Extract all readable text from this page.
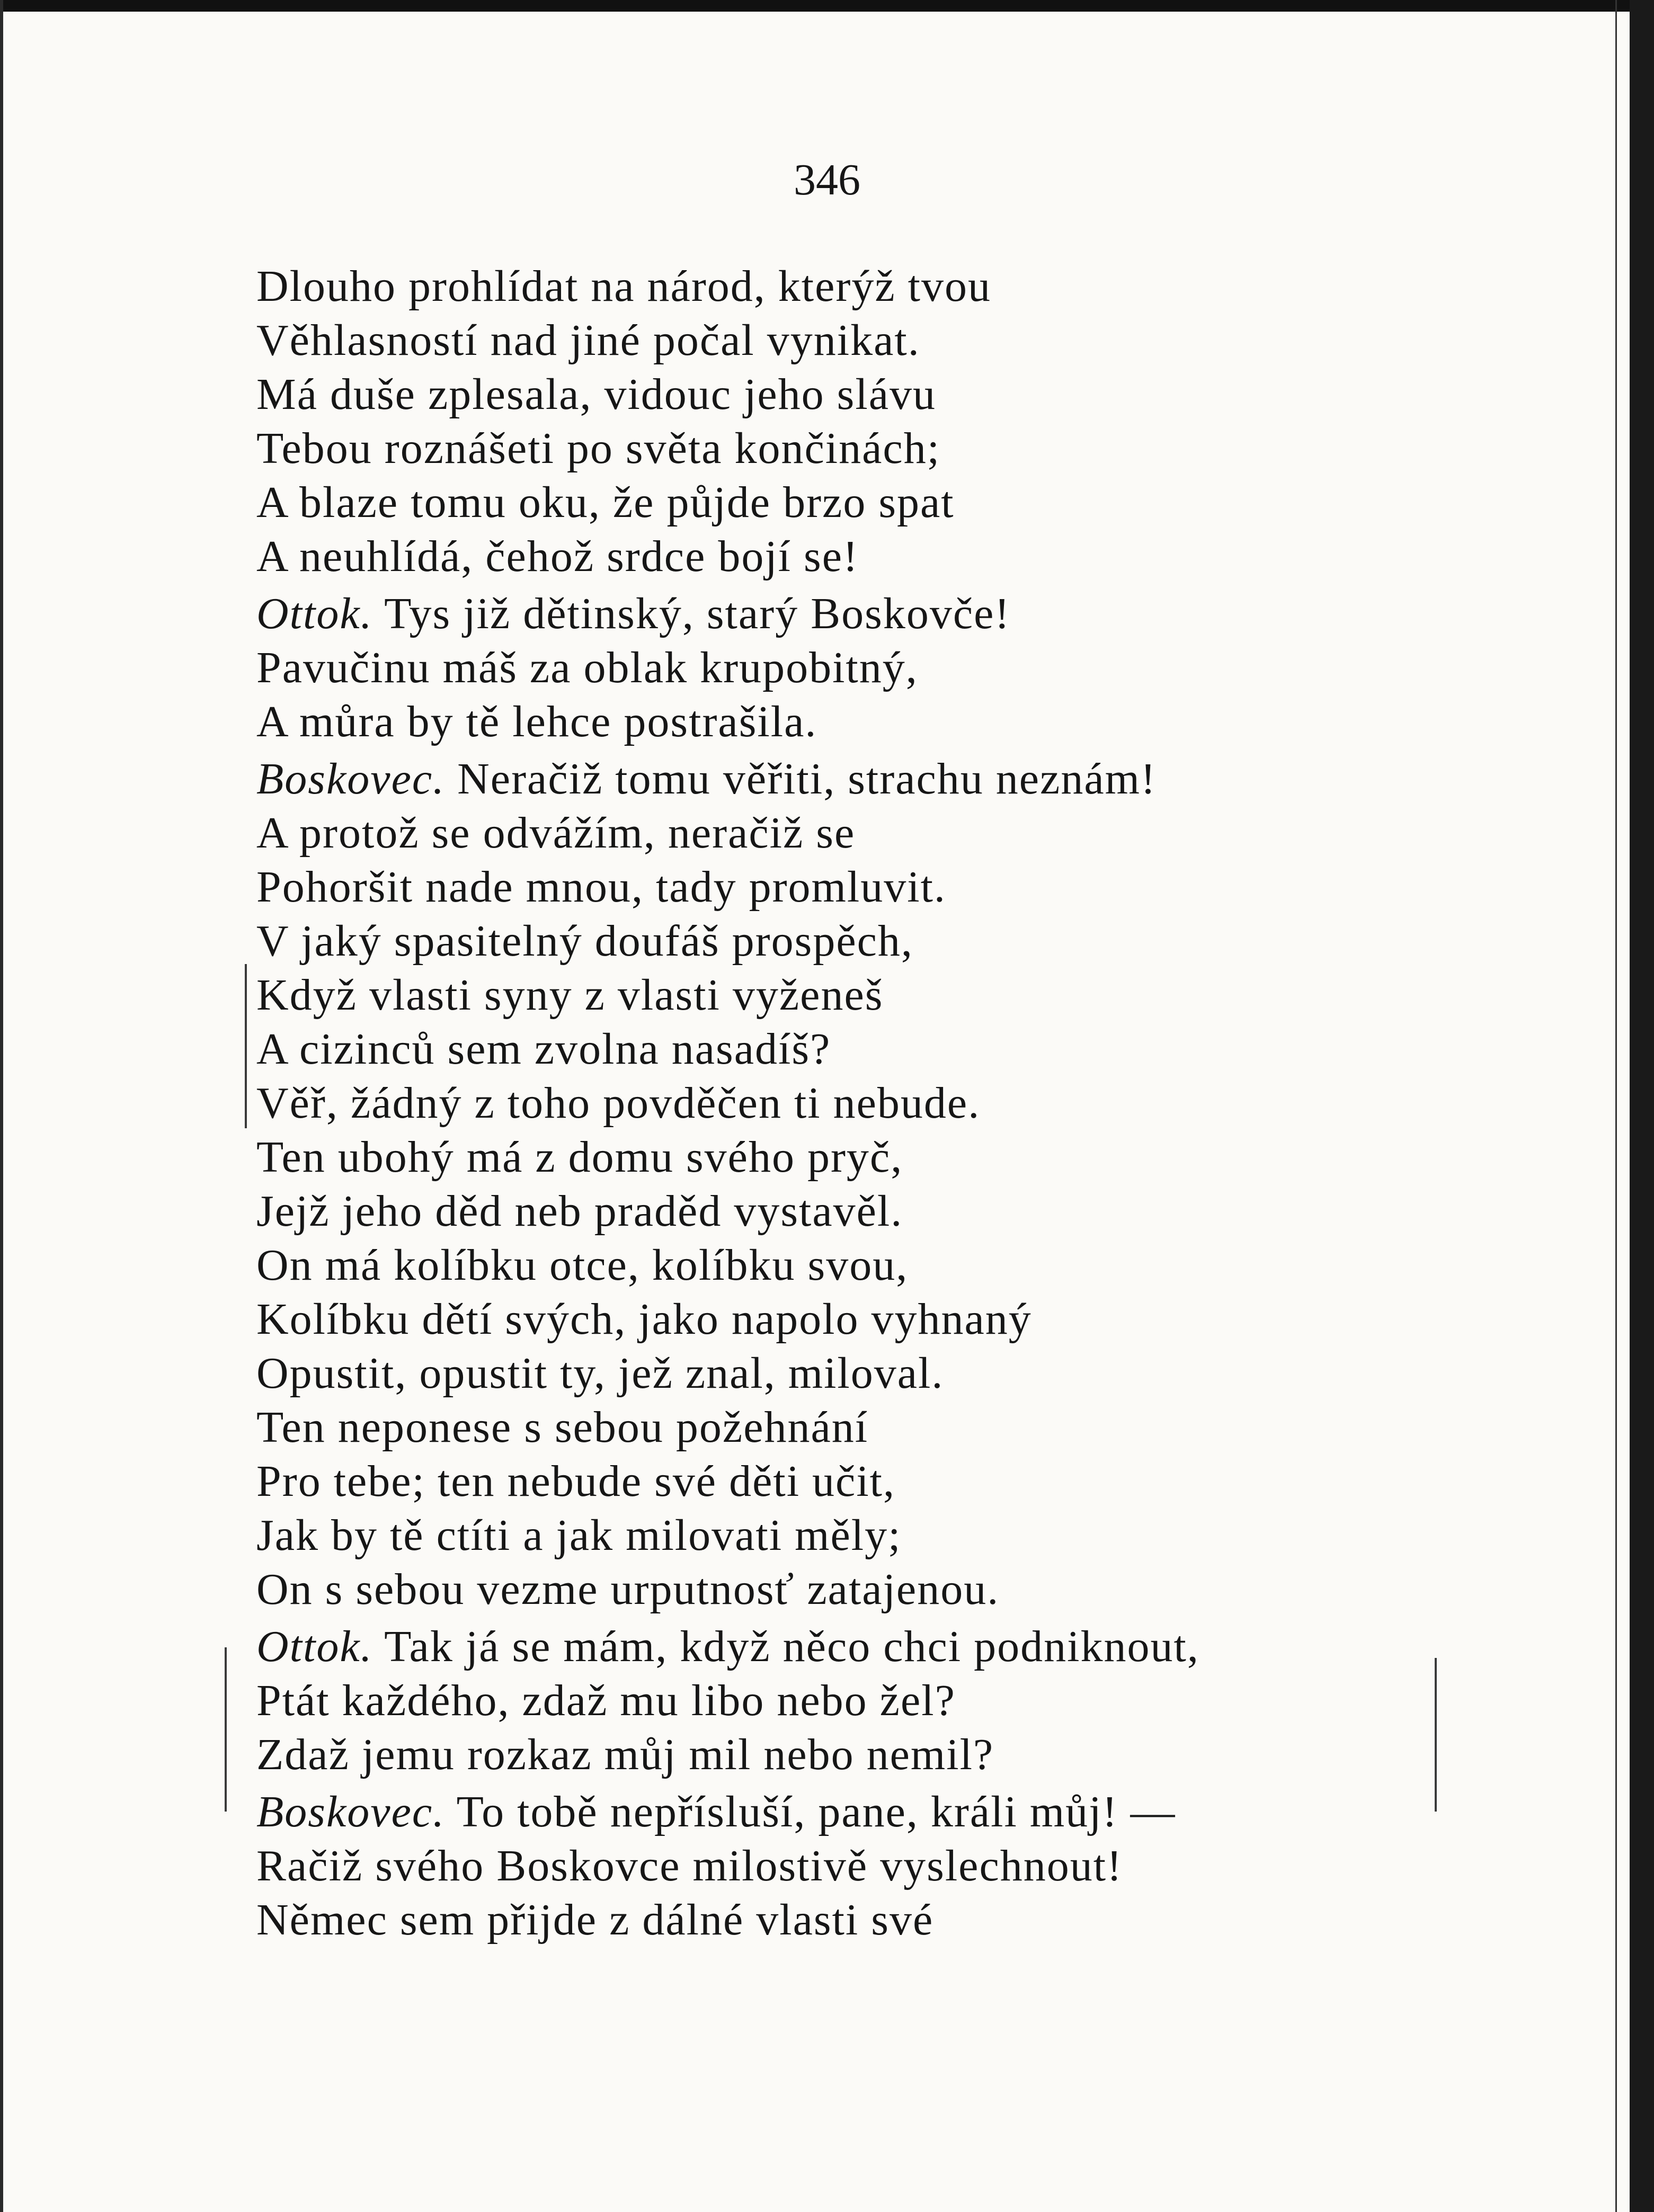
346
Dlouho prohlídat na národ, kterýž tvou
Věhlasností nad jiné počal vynikat.
Má duše zplesala, vidouc jeho slávu
Tebou roznášeti po světa končinách;
A blaze tomu oku, že půjde brzo spat
A neuhlídá, čehož srdce bojí se!
Ottok. Tys již dětinský, starý Boskovče!
Pavučinu máš za oblak krupobitný,
A můra by tě lehce postrašila.
Boskovec. Neračiž tomu věřiti, strachu neznám!
A protož se odvážím, neračiž se
Pohoršit nade mnou, tady promluvit.
V jaký spasitelný doufáš prospěch,
Když vlasti syny z vlasti vyženeš
A cizinců sem zvolna nasadíš?
Věř, žádný z toho povděčen ti nebude.
Ten ubohý má z domu svého pryč,
Jejž jeho děd neb praděd vystavěl.
On má kolíbku otce, kolíbku svou,
Kolíbku dětí svých, jako napolo vyhnaný
Opustit, opustit ty, jež znal, miloval.
Ten neponese s sebou požehnání
Pro tebe; ten nebude své děti učit,
Jak by tě ctíti a jak milovati měly;
On s sebou vezme urputnosť zatajenou.
Ottok. Tak já se mám, když něco chci podniknout,
Ptát každého, zdaž mu libo nebo žel?
Zdaž jemu rozkaz můj mil nebo nemil?
Boskovec. To tobě nepřísluší, pane, králi můj! —
Račiž svého Boskovce milostivě vyslechnout!
Němec sem přijde z dálné vlasti své
